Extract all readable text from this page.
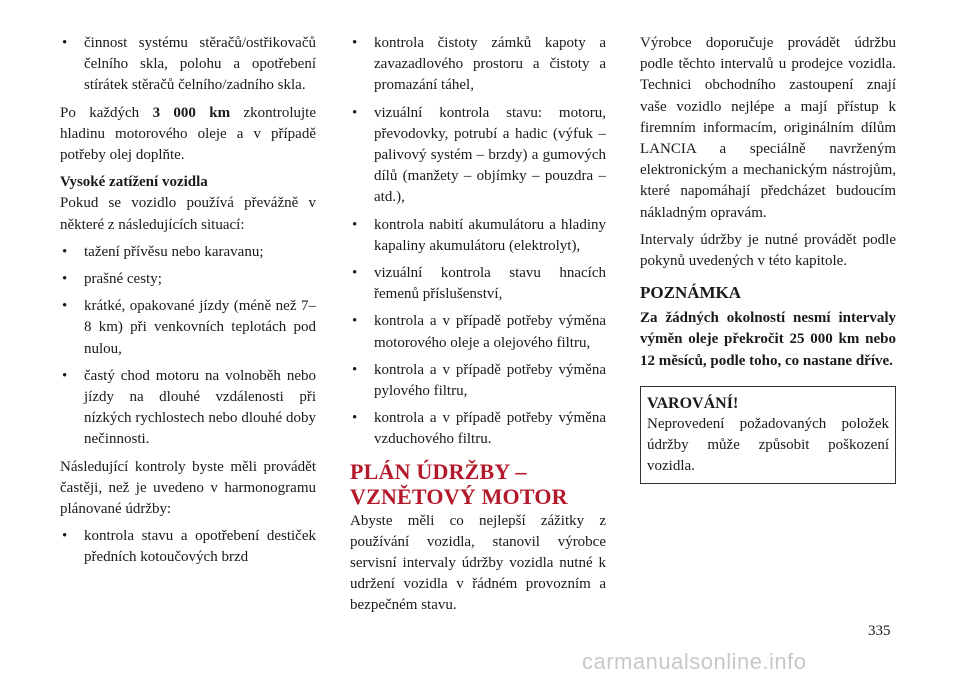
• činnost systému stěračů/ostřikovačů čelního skla, polohu a opotřebení stírátek stěračů čelního/zadního skla.

Po každých 3 000 km zkontrolujte hladinu motorového oleje a v případě potřeby olej doplňte.

Vysoké zatížení vozidla

Pokud se vozidlo používá převážně v některé z následujících situací:

• tažení přívěsu nebo karavanu;
• prašné cesty;
• krátké, opakované jízdy (méně než 7–8 km) při venkovních teplotách pod nulou,
• častý chod motoru na volnoběh nebo jízdy na dlouhé vzdálenosti při nízkých rychlostech nebo dlouhé doby nečinnosti.

Následující kontroly byste měli provádět častěji, než je uvedeno v harmonogramu plánované údržby:

• kontrola stavu a opotřebení destiček předních kotoučových brzd
• kontrola čistoty zámků kapoty a zavazadlového prostoru a čistoty a promazání táhel,
• vizuální kontrola stavu: motoru, převodovky, potrubí a hadic (výfuk – palivový systém – brzdy) a gumových dílů (manžety – objímky – pouzdra – atd.),
• kontrola nabití akumulátoru a hladiny kapaliny akumulátoru (elektrolyt),
• vizuální kontrola stavu hnacích řemenů příslušenství,
• kontrola a v případě potřeby výměna motorového oleje a olejového filtru,
• kontrola a v případě potřeby výměna pylového filtru,
• kontrola a v případě potřeby výměna vzduchového filtru.
PLÁN ÚDRŽBY –
VZNĚTOVÝ MOTOR

Abyste měli co nejlepší zážitky z používání vozidla, stanovil výrobce servisní intervaly údržby vozidla nutné k udržení vozidla v řádném provozním a bezpečném stavu.

Výrobce doporučuje provádět údržbu podle těchto intervalů u prodejce vozidla. Technici obchodního zastoupení znají vaše vozidlo nejlépe a mají přístup k firemním informacím, originálním dílům LANCIA a speciálně navrženým elektronickým a mechanickým nástrojům, které napomáhají předcházet budoucím nákladným opravám.

Intervaly údržby je nutné provádět podle pokynů uvedených v této kapitole.

POZNÁMKA

Za žádných okolností nesmí intervaly výměn oleje překročit 25 000 km nebo 12 měsíců, podle toho, co nastane dříve.

VAROVÁNÍ!

Neprovedení požadovaných položek údržby může způsobit poškození vozidla.

335
carmanualsonline.info
